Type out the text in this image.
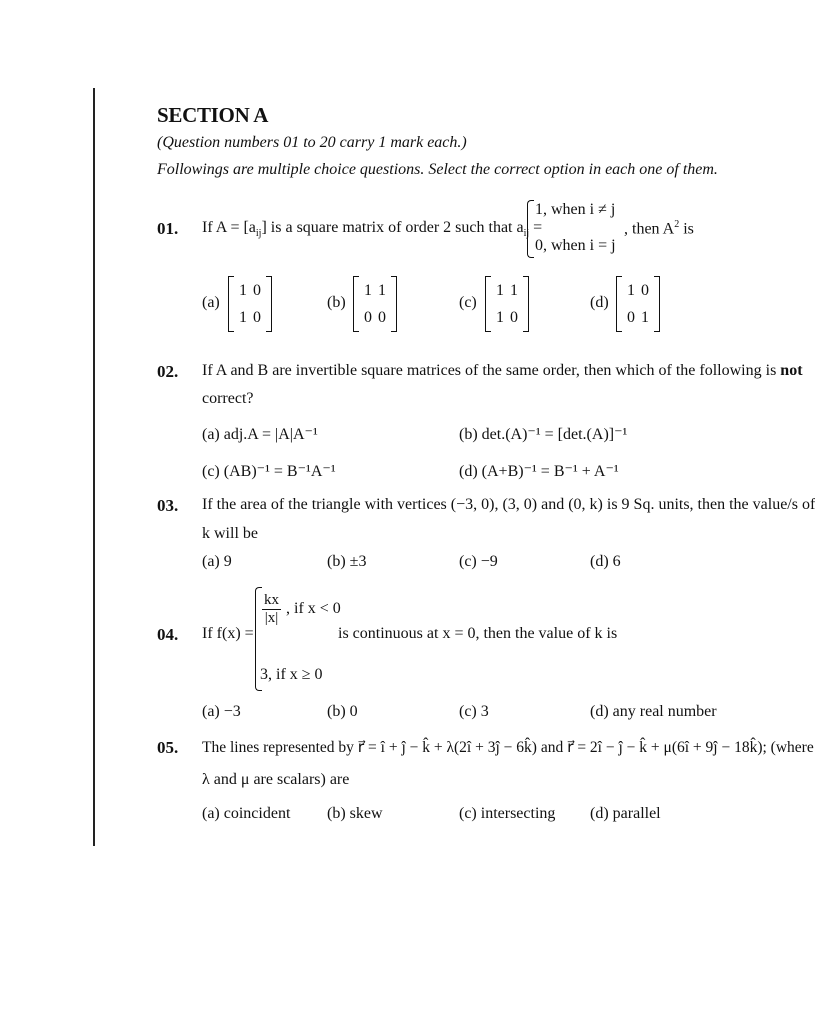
SECTION A
(Question numbers 01 to 20 carry 1 mark each.)
Followings are multiple choice questions. Select the correct option in each one of them.
01. If $A = [a_{ij}]$ is a square matrix of order 2 such that $a_{ij}$ =
1, when i ≠ j
0, when i = j
, then $A^2$ is
(a)
1 0
1 0
(b)
1 1
0 0
(c)
1 1
1 0
(d)
1 0
0 1
02. If A and B are invertible square matrices of the same order, then which of the following is not
correct?
(a) adj.A = |A|A⁻¹	(b) det.(A)⁻¹ = [det.(A)]⁻¹
(c) (AB)⁻¹ = B⁻¹A⁻¹	(d) (A+B)⁻¹ = B⁻¹ + A⁻¹
03. If the area of the triangle with vertices (−3, 0), (3, 0) and (0, k) is 9 Sq. units, then the value/s of
k will be
(a) 9	(b) ±3	(c) −9	(d) 6
04. If f(x) =
$\frac{kx}{|x|}$ , if x < 0
3, if x ≥ 0
is continuous at x = 0, then the value of k is
(a) −3	(b) 0	(c) 3	(d) any real number
05. The lines represented by r⃗ = î + ĵ − k̂ + λ(2î + 3ĵ − 6k̂) and r⃗ = 2î − ĵ − k̂ + μ(6î + 9ĵ − 18k̂); (where
λ and μ are scalars) are
(a) coincident (b) skew	(c) intersecting (d) parallel
